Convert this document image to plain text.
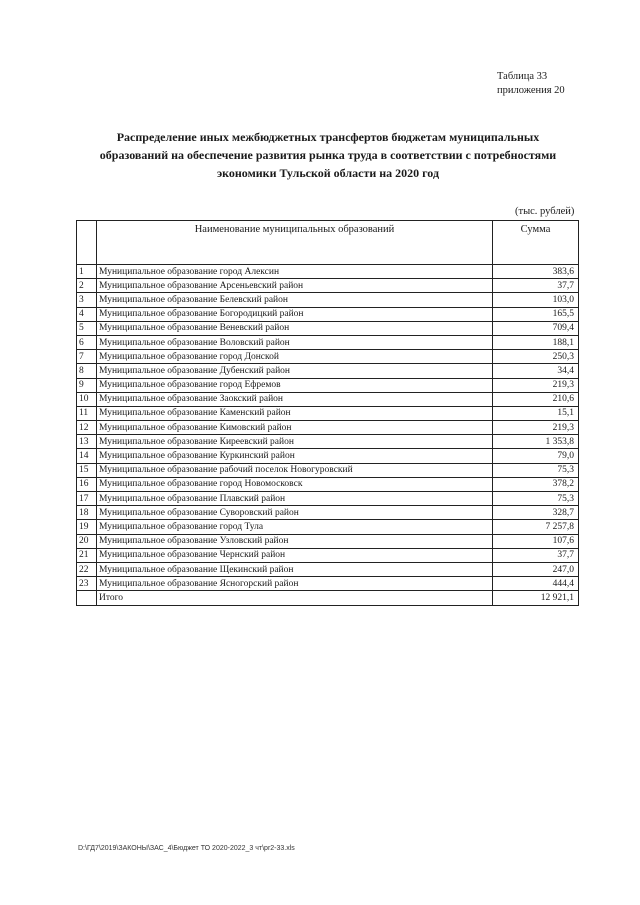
Таблица 33
приложения 20
Распределение иных межбюджетных трансфертов бюджетам муниципальных
образований на обеспечение развития рынка труда в соответствии с потребностями
экономики Тульской области на 2020 год
(тыс. рублей)
	Наименование муниципальных образований	Сумма
1	Муниципальное образование город Алексин	383,6
2	Муниципальное образование Арсеньевский район	37,7
3	Муниципальное образование Белевский район	103,0
4	Муниципальное образование Богородицкий район	165,5
5	Муниципальное образование Веневский район	709,4
6	Муниципальное образование Воловский район	188,1
7	Муниципальное образование город Донской	250,3
8	Муниципальное образование Дубенский район	34,4
9	Муниципальное образование город Ефремов	219,3
10	Муниципальное образование Заокский район	210,6
11	Муниципальное образование Каменский район	15,1
12	Муниципальное образование Кимовский район	219,3
13	Муниципальное образование Киреевский район	1 353,8
14	Муниципальное образование Куркинский район	79,0
15	Муниципальное образование рабочий поселок Новогуровский	75,3
16	Муниципальное образование город Новомосковск	378,2
17	Муниципальное образование Плавский район	75,3
18	Муниципальное образование Суворовский район	328,7
19	Муниципальное образование город Тула	7 257,8
20	Муниципальное образование Узловский район	107,6
21	Муниципальное образование Чернский район	37,7
22	Муниципальное образование Щекинский район	247,0
23	Муниципальное образование Ясногорский район	444,4
	Итого	12 921,1
D:\ГД7\2019\ЗАКОНЫ\ЗАС_4\Бюджет ТО 2020-2022_3 чт\pr2-33.xls
